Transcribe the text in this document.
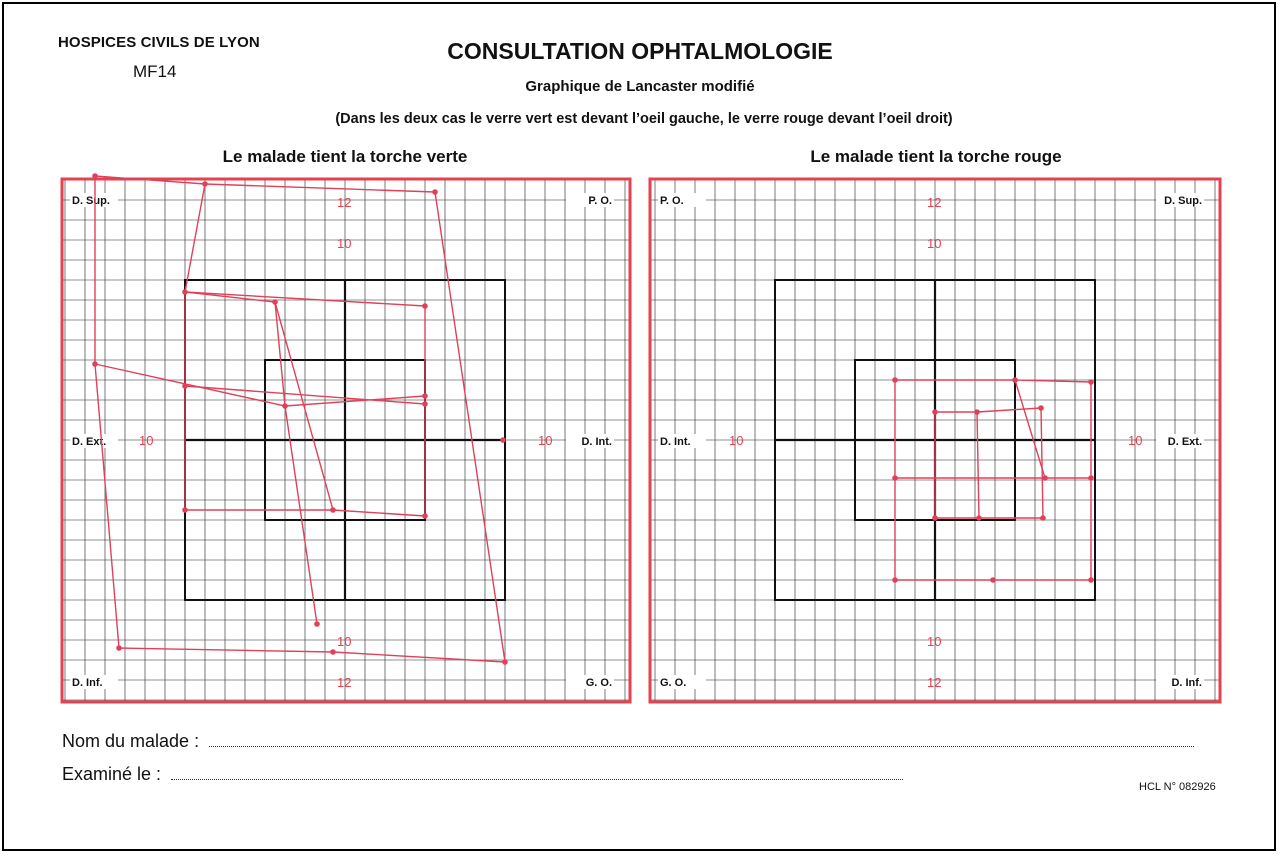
HOSPICES CIVILS DE LYON
MF14
CONSULTATION OPHTALMOLOGIE
Graphique de Lancaster modifié
(Dans les deux cas le verre vert est devant l’oeil gauche, le verre rouge devant l’oeil droit)
Le malade tient la torche verte	Le malade tient la torche rouge
12
10
10
12
10	10
D. Sup.	P. O.
D. Inf.	G. O.
D. Ext.	D. Int.
12
10
10
12
10	10
P. O.	D. Sup.
G. O.	D. Inf.
D. Int.	D. Ext.
Nom du malade :
Examiné le :
HCL N° 082926
